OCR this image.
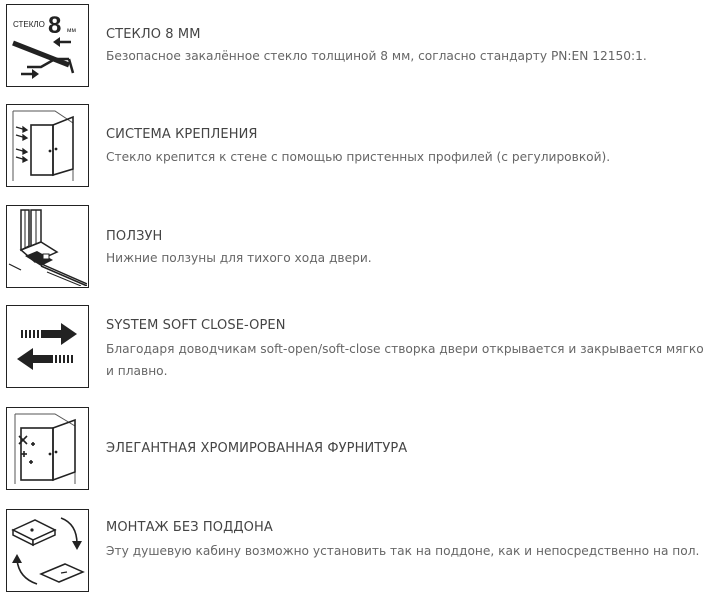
СТЕКЛО 8 мм СТЕКЛО 8 ММ
Безопасное закалённое стекло толщиной 8 мм, согласно стандарту PN:EN 12150:1.
СИСТЕМА КРЕПЛЕНИЯ
Стекло крепится к стене с помощью пристенных профилей (с регулировкой).
ПОЛЗУН
Нижние ползуны для тихого хода двери.
SYSTEM SOFT CLOSE-OPEN
Благодаря доводчикам soft-open/soft-close створка двери открывается и закрывается мягко и плавно.
ЭЛЕГАНТНАЯ ХРОМИРОВАННАЯ ФУРНИТУРА
МОНТАЖ БЕЗ ПОДДОНА
Эту душевую кабину возможно установить так на поддоне, как и непосредственно на пол.
